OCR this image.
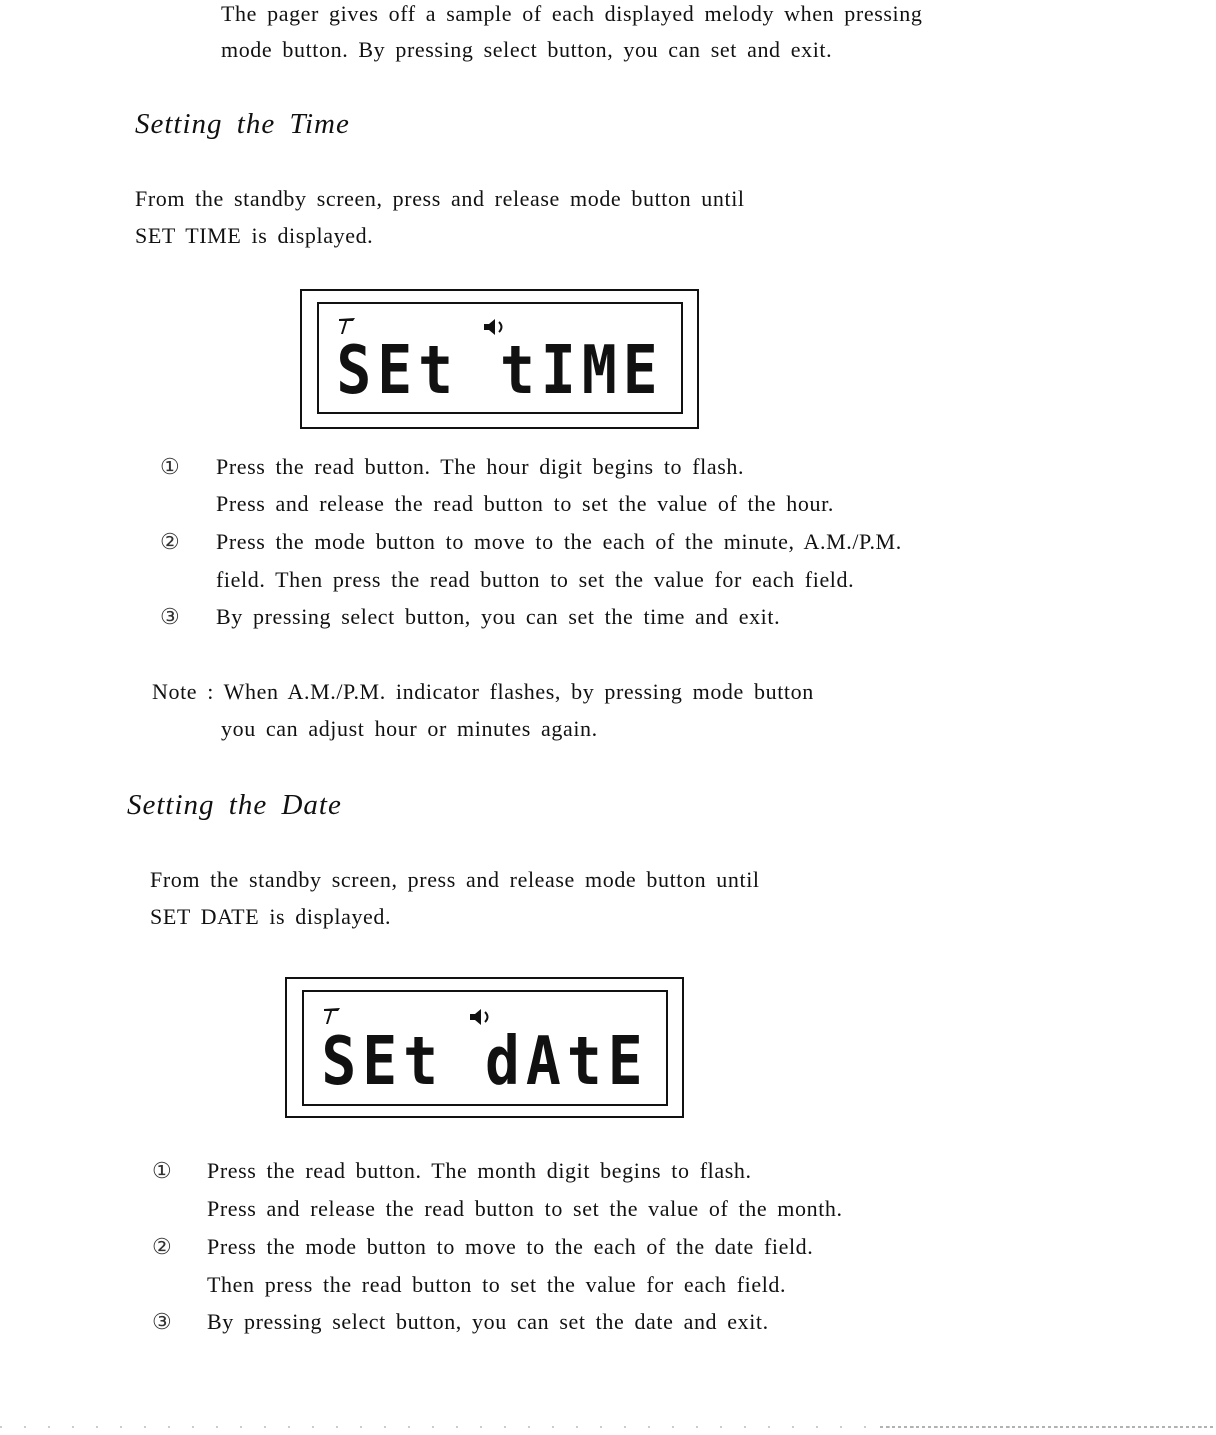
The pager gives off a sample of each displayed melody when pressing
mode button. By pressing select button, you can set and exit.
Setting the Time
From the standby screen, press and release mode button until
SET TIME is displayed.
SEt tIME
① Press the read button. The hour digit begins to flash.
Press and release the read button to set the value of the hour.
② Press the mode button to move to the each of the minute, A.M./P.M.
field. Then press the read button to set the value for each field.
③ By pressing select button, you can set the time and exit.
Note : When A.M./P.M. indicator flashes, by pressing mode button
you can adjust hour or minutes again.
Setting the Date
From the standby screen, press and release mode button until
SET DATE is displayed.
SEt dAtE
① Press the read button. The month digit begins to flash.
Press and release the read button to set the value of the month.
② Press the mode button to move to the each of the date field.
Then press the read button to set the value for each field.
③ By pressing select button, you can set the date and exit.
